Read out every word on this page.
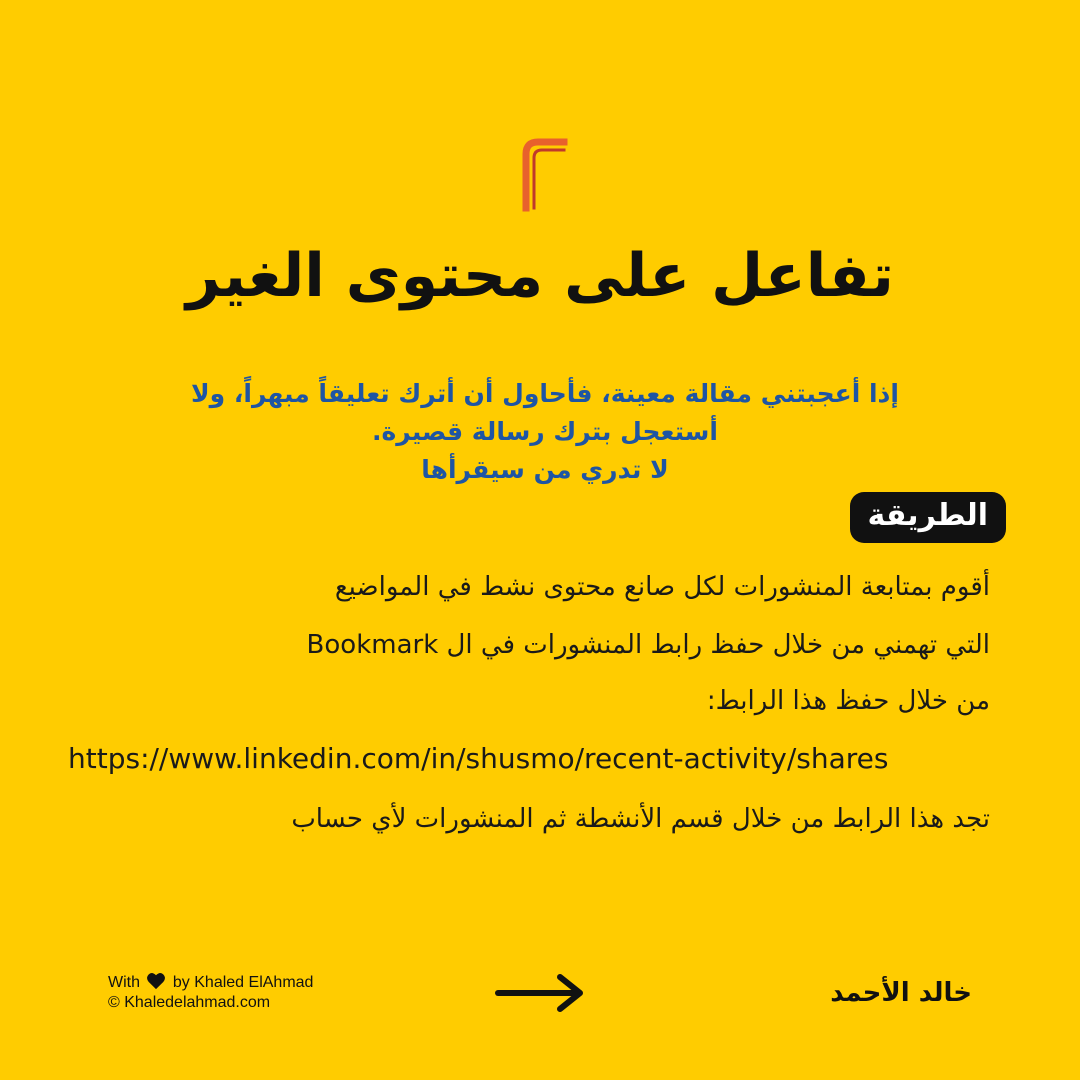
تفاعل على محتوى الغير
إذا أعجبتني مقالة معينة، فأحاول أن أترك تعليقاً مبهراً، ولا
أستعجل بترك رسالة قصيرة.
لا تدري من سيقرأها
الطريقة
أقوم بمتابعة المنشورات لكل صانع محتوى نشط في المواضيع
التي تهمني من خلال حفظ رابط المنشورات في ال Bookmark
من خلال حفظ هذا الرابط:
https://www.linkedin.com/in/shusmo/recent-activity/shares
تجد هذا الرابط من خلال قسم الأنشطة ثم المنشورات لأي حساب
With by Khaled ElAhmad
© Khaledelahmad.com	خالد الأحمد
